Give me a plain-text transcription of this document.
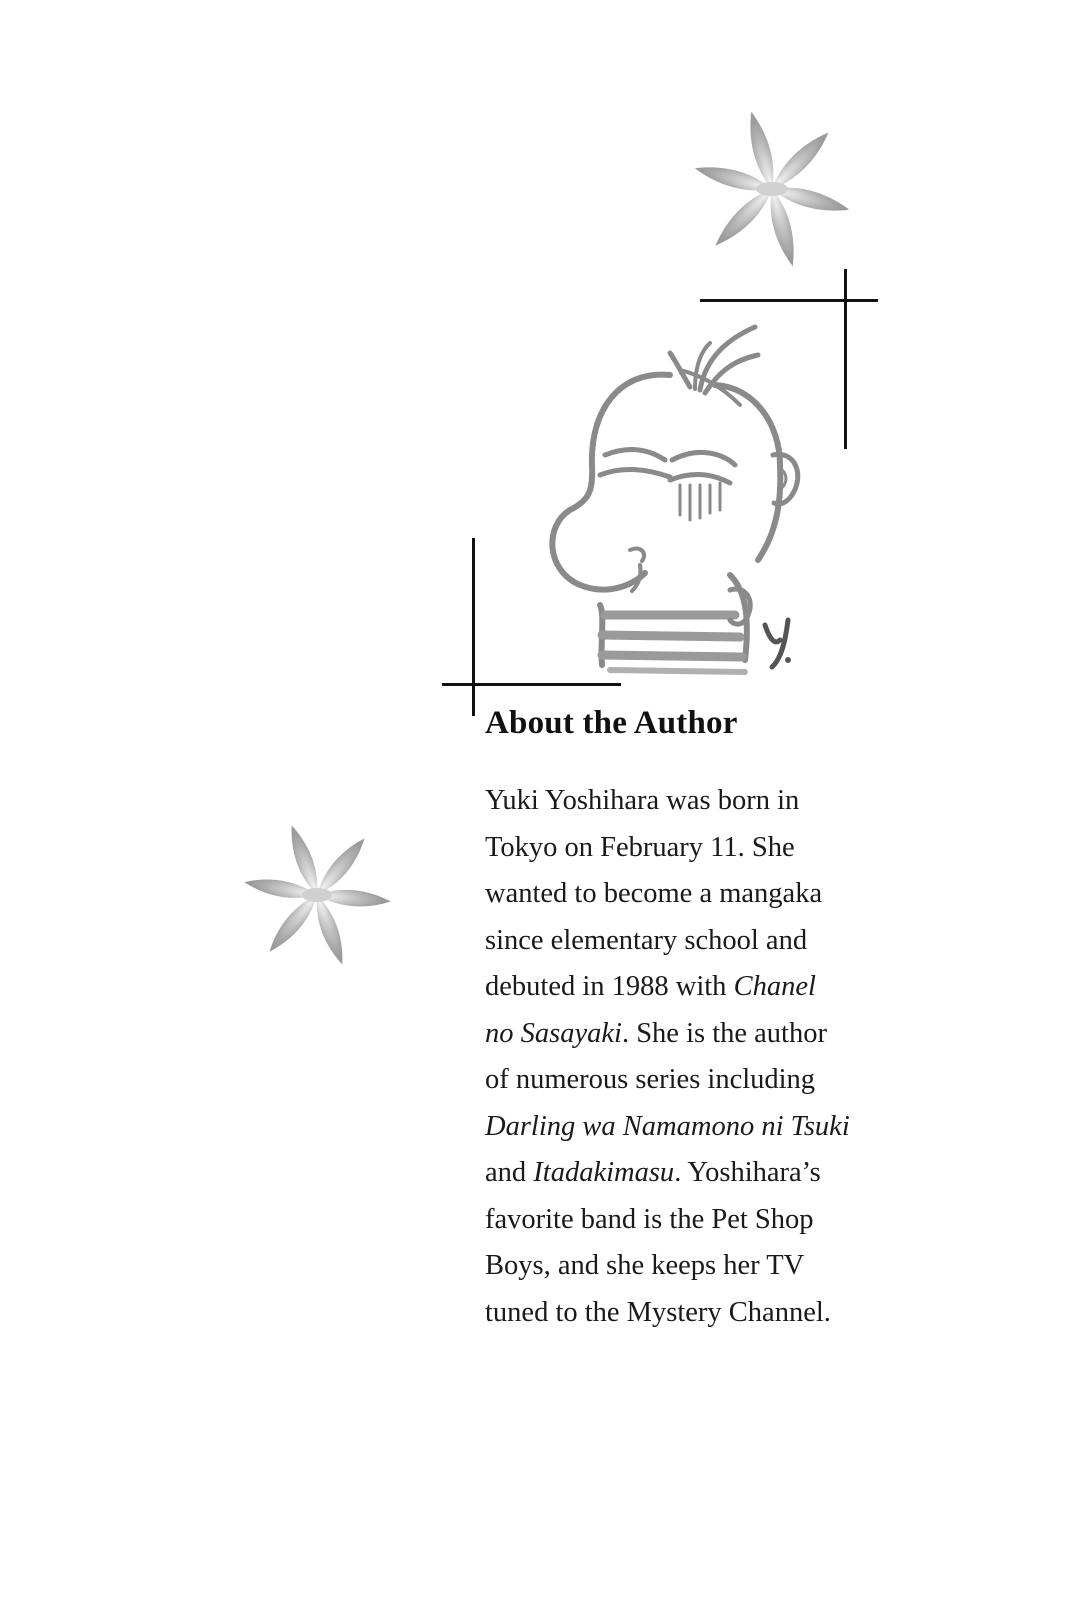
About the Author

Yuki Yoshihara was born in
Tokyo on February 11. She
wanted to become a mangaka
since elementary school and
debuted in 1988 with Chanel
no Sasayaki. She is the author
of numerous series including
Darling wa Namamono ni Tsuki
and Itadakimasu. Yoshihara’s
favorite band is the Pet Shop
Boys, and she keeps her TV
tuned to the Mystery Channel.
